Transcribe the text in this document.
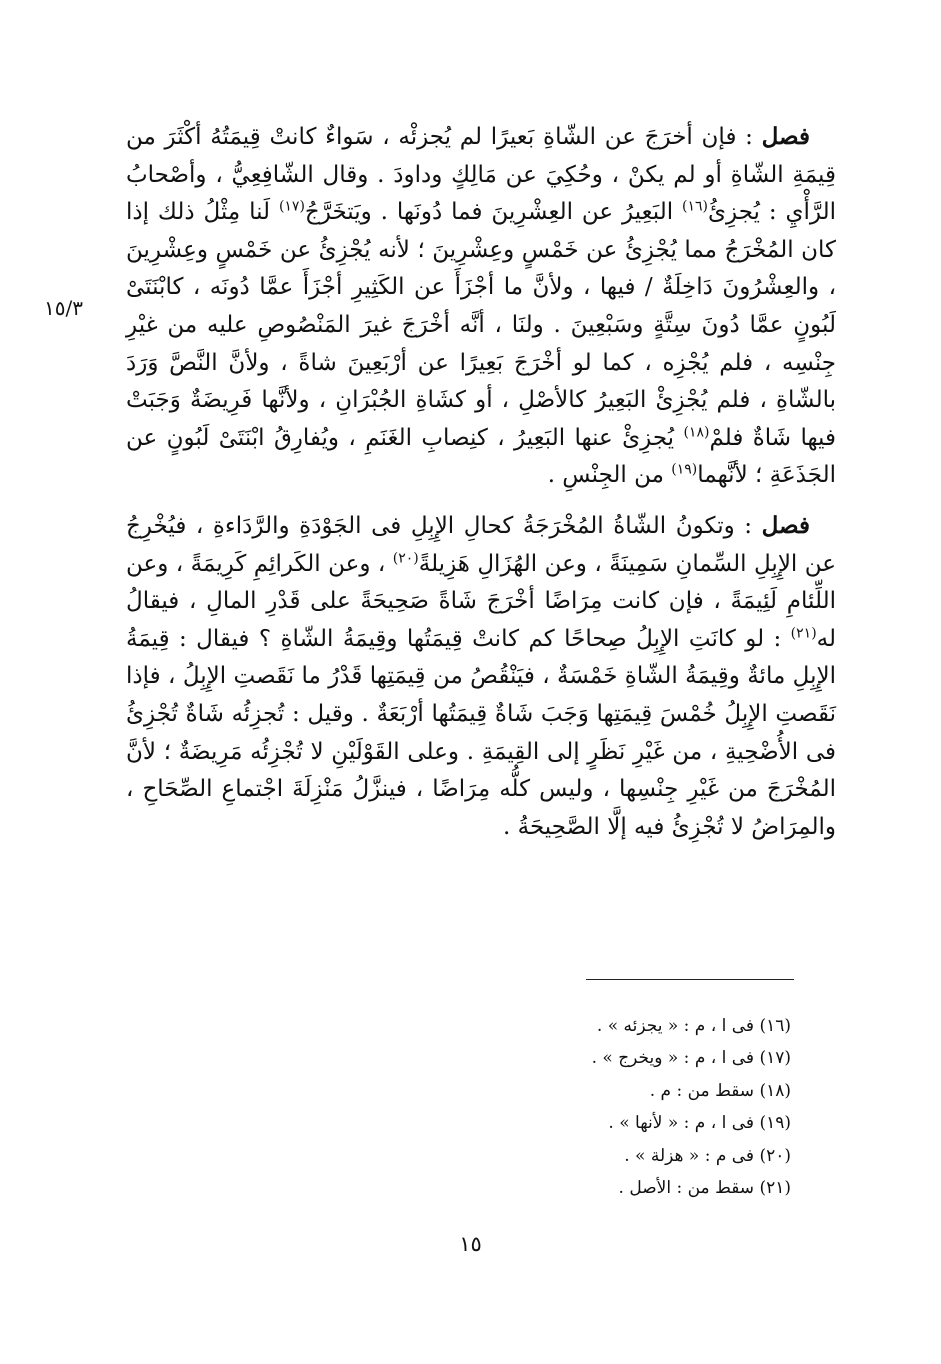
١٥/٣

فصل : فإن أخرَجَ عن الشّاةِ بَعيرًا لم يُجزئْه ، سَواءٌ كانتْ قِيمَتُهُ أكْثَرَ من قِيمَةِ الشّاةِ أو لم يكنْ ، وحُكِيَ عن مَالِكٍ وداودَ . وقال الشّافِعِيُّ ، وأصْحابُ الرَّأْيِ : يُجزِئُ$^{(١٦)}$ البَعِيرُ عن العِشْرِينَ فما دُونَها . ويَتخَرَّجُ$^{(١٧)}$ لَنا مِثْلُ ذلك إذا كان المُخْرَجُ مما يُجْزِئُ عن خَمْسٍ وعِشْرِينَ ؛ لأنه يُجْزِئُ عن خَمْسٍ وعِشْرِينَ ، والعِشْرُونَ دَاخِلَةٌ / فيها ، ولأنَّ ما أجْزَأَ عن الكَثِيرِ أجْزَأَ عمَّا دُونَه ، كابْنَتَىْ لَبُونٍ عمَّا دُونَ سِتَّةٍ وسَبْعِينَ . ولنَا ، أنَّه أخْرَجَ غيرَ المَنْصُوصِ عليه من غيْرِ جِنْسِه ، فلم يُجْزِه ، كما لو أخْرَجَ بَعِيرًا عن أرْبَعِينَ شاةً ، ولأنَّ النَّصَّ وَرَدَ بالشّاةِ ، فلم يُجْزِئْ البَعِيرُ كالأصْلِ ، أو كشَاةِ الجُبْرَانِ ، ولأنَّها فَرِيضَةٌ وَجَبَتْ فيها شَاةٌ فلمْ$^{(١٨)}$ يُجزِئْ عنها البَعِيرُ ، كنِصابِ الغَنَمِ ، ويُفارِقُ ابْنَتَىْ لَبُونٍ عن الجَذَعَةِ ؛ لأنَّهما$^{(١٩)}$ من الجِنْسِ .

فصل : وتكونُ الشّاةُ المُخْرَجَةُ كحالِ الإِبِلِ فى الجَوْدَةِ والرَّدَاءةِ ، فيُخْرِجُ عن الإِبِلِ السِّمانِ سَمِينَةً ، وعن الهُزَالِ هَزِيلةً$^{(٢٠)}$ ، وعن الكَرائِمِ كَرِيمَةً ، وعن اللِّئامِ لَئِيمَةً ، فإن كانت مِرَاضًا أخْرَجَ شَاةً صَحِيحَةً على قَدْرِ المالِ ، فيقالُ له$^{(٢١)}$ : لو كانَتِ الإِبِلُ صِحاحًا كم كانتْ قِيمَتُها وقِيمَةُ الشّاةِ ؟ فيقال : قِيمَةُ الإِبِلِ مائةٌ وقِيمَةُ الشّاةِ خَمْسَةٌ ، فيَنْقُصُ من قِيمَتِها قَدْرُ ما نَقَصتِ الإِبِلُ ، فإذا نَقَصتِ الإِبِلُ خُمْسَ قِيمَتِها وَجَبَ شَاةٌ قِيمَتُها أرْبَعَةٌ . وقيل : تُجزِئُه شَاةٌ تُجْزِئُ فى الأُضْحِيةِ ، من غَيْرِ نَظَرٍ إلى القِيمَةِ . وعلى القَوْلَيْنِ لا تُجْزِئُه مَرِيضَةٌ ؛ لأنَّ المُخْرَجَ من غَيْرِ جِنْسِها ، وليس كلُّه مِرَاضًا ، فينزَّلُ مَنْزِلَةَ اجْتماعِ الصِّحَاحِ ، والمِرَاضُ لا تُجْزِئُ فيه إلَّا الصَّحِيحَةُ .

(١٦) فى ا ، م : « يجزئه » .
(١٧) فى ا ، م : « ويخرج » .
(١٨) سقط من : م .
(١٩) فى ا ، م : « لأنها » .
(٢٠) فى م : « هزلة » .
(٢١) سقط من : الأصل .
١٥
